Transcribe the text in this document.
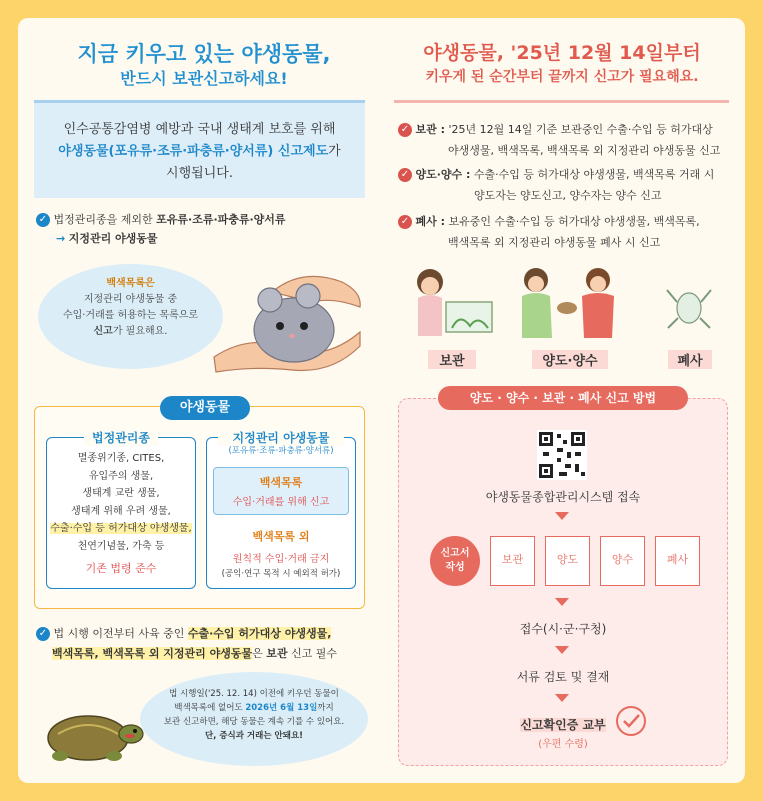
지금 키우고 있는 야생동물,
반드시 보관신고하세요!

인수공통감염병 예방과 국내 생태계 보호를 위해

야생동물(포유류·조류·파충류·양서류) 신고제도가

시행됩니다.

✓ 법정관리종을 제외한 포유류·조류·파충류·양서류
→ 지정관리 야생동물
백색목록은
지정관리 야생동물 중
수입·거래를 허용하는 목록으로
신고가 필요해요.
야생동물
법정관리종
멸종위기종, CITES,
유입주의 생물,
생태계 교란 생물,
생태계 위해 우려 생물,
수출·수입 등 허가대상 야생생물,
천연기념물, 가축 등
기존 법령 준수
지정관리 야생동물
(포유류·조류·파충류·양서류)
백색목록
수입·거래를 위해 신고
백색목록 외
원칙적 수입·거래 금지
(공익·연구 목적 시 예외적 허가)
✓ 법 시행 이전부터 사육 중인 수출·수입 허가대상 야생생물,
백색목록, 백색목록 외 지정관리 야생동물은 보관 신고 필수
법 시행일('25. 12. 14) 이전에 키우던 동물이
백색목록에 없어도 2026년 6월 13일까지
보관 신고하면, 해당 동물은 계속 기를 수 있어요.
단, 증식과 거래는 안돼요!
야생동물, '25년 12월 14일부터
키우게 된 순간부터 끝까지 신고가 필요해요.
✓ 보관 : '25년 12월 14일 기준 보관중인 수출·수입 등 허가대상
야생생물, 백색목록, 백색목록 외 지정관리 야생동물 신고
✓ 양도·양수 : 수출·수입 등 허가대상 야생생물, 백색목록 거래 시
양도자는 양도신고, 양수자는 양수 신고
✓ 폐사 : 보유중인 수출·수입 등 허가대상 야생생물, 백색목록,
백색목록 외 지정관리 야생동물 폐사 시 신고
보관	양도·양수	폐사
양도 · 양수 · 보관 · 폐사 신고 방법
야생동물종합관리시스템 접속
신고서
작성
보관	양도	양수	폐사
접수(시·군·구청)
서류 검토 및 결재
신고확인증 교부
(우편 수령)
